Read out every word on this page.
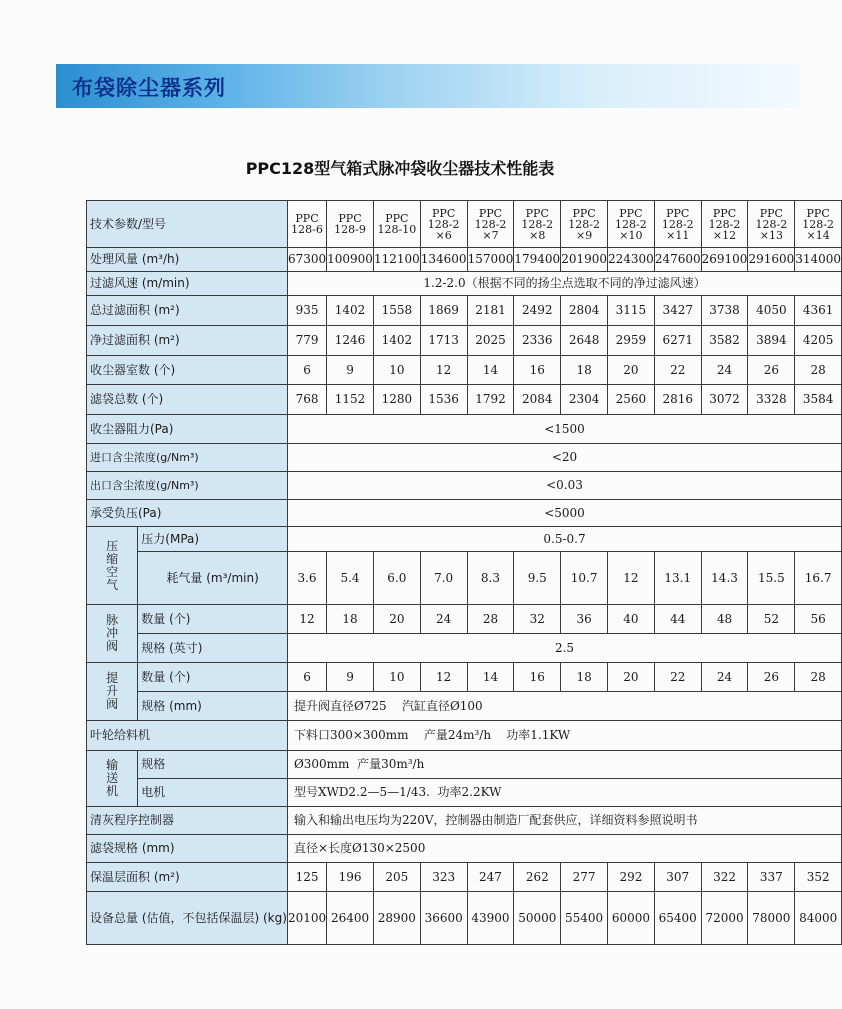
布袋除尘器系列
PPC128型气箱式脉冲袋收尘器技术性能表
技术参数/型号		PPC 128-6	PPC 128-9	PPC 128-10	PPC 128-2 ×6	PPC 128-2 ×7	PPC 128-2 ×8	PPC 128-2 ×9	PPC 128-2 ×10	PPC 128-2 ×11	PPC 128-2 ×12	PPC 128-2 ×13	PPC 128-2 ×14
处理风量 (m³/h)		67300	100900	112100	134600	157000	179400	201900	224300	247600	269100	291600	314000
过滤风速 (m/min)		1.2-2.0（根据不同的扬尘点选取不同的净过滤风速）											
总过滤面积 (m²)		935	1402	1558	1869	2181	2492	2804	3115	3427	3738	4050	4361
净过滤面积 (m²)		779	1246	1402	1713	2025	2336	2648	2959	6271	3582	3894	4205
收尘器室数 (个)		6	9	10	12	14	16	18	20	22	24	26	28
滤袋总数 (个)		768	1152	1280	1536	1792	2084	2304	2560	2816	3072	3328	3584
收尘器阻力(Pa)		<1500											
进口含尘浓度(g/Nm³)		<20											
出口含尘浓度(g/Nm³)		<0.03											
承受负压(Pa)		<5000											
压缩空气	压力(MPa)	0.5-0.7											
	耗气量 (m³/min)	3.6	5.4	6.0	7.0	8.3	9.5	10.7	12	13.1	14.3	15.5	16.7
脉冲阀	数量 (个)	12	18	20	24	28	32	36	40	44	48	52	56
	规格 (英寸)	2.5											
提升阀	数量 (个)	6	9	10	12	14	16	18	20	22	24	26	28
	规格 (mm)	提升阀直径Ø725    汽缸直径Ø100											
叶轮给料机		下料口300×300mm    产量24m³/h    功率1.1KW											
输送机	规格	Ø300mm  产量30m³/h											
	电机	型号XWD2.2—5—1/43.  功率2.2KW											
清灰程序控制器		输入和输出电压均为220V，控制器由制造厂配套供应，详细资料参照说明书											
滤袋规格 (mm)		直径×长度Ø130×2500											
保温层面积 (m²)		125	196	205	323	247	262	277	292	307	322	337	352
设备总量 (估值，不包括保温层) (kg)		20100	26400	28900	36600	43900	50000	55400	60000	65400	72000	78000	84000
